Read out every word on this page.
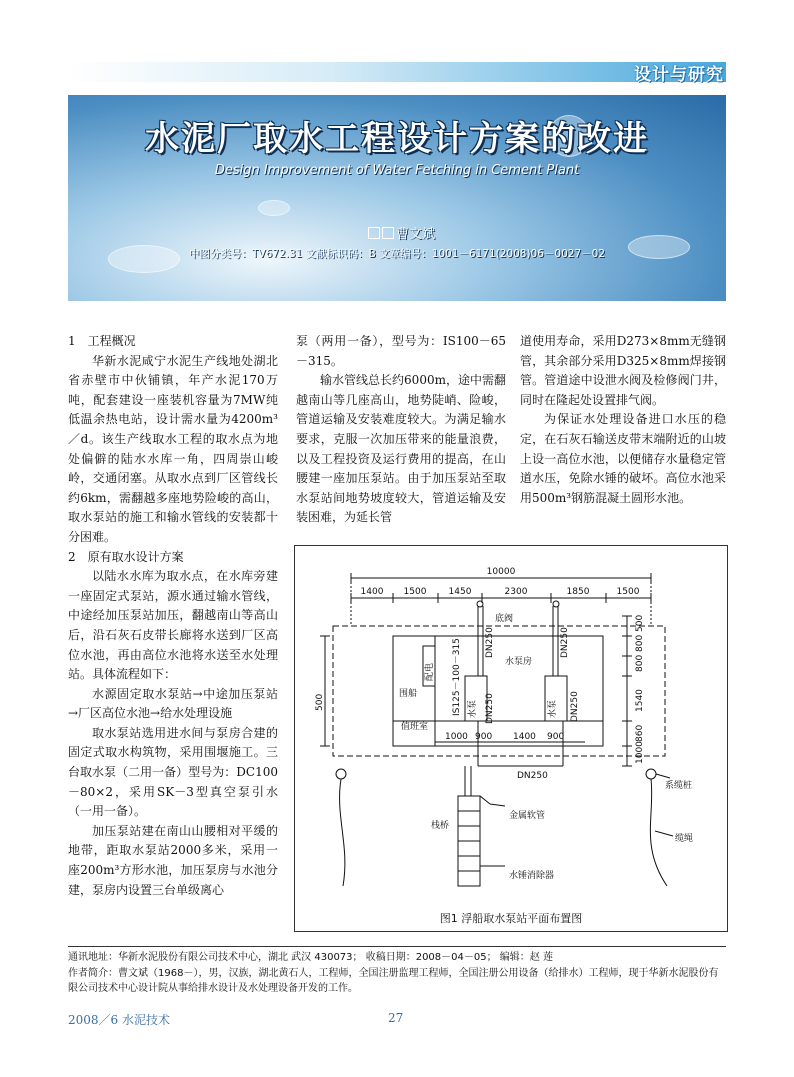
设计与研究
水泥厂取水工程设计方案的改进
Design Improvement of Water Fetching in Cement Plant
曹文斌
中图分类号：TV672.31 文献标识码：B 文章编号：1001－6171(2008)06－0027－02

1　工程概况

华新水泥咸宁水泥生产线地处湖北省赤壁市中伙铺镇，年产水泥170万吨，配套建设一座装机容量为7MW纯低温余热电站，设计需水量为4200m³／d。该生产线取水工程的取水点为地处偏僻的陆水水库一角，四周崇山峻岭，交通闭塞。从取水点到厂区管线长约6km，需翻越多座地势险峻的高山，取水泵站的施工和输水管线的安装都十分困难。

2　原有取水设计方案

以陆水水库为取水点，在水库旁建一座固定式泵站，源水通过输水管线，中途经加压泵站加压，翻越南山等高山后，沿石灰石皮带长廊将水送到厂区高位水池，再由高位水池将水送至水处理站。具体流程如下：

水源固定取水泵站→中途加压泵站→厂区高位水池→给水处理设施

取水泵站选用进水间与泵房合建的固定式取水构筑物，采用围堰施工。三台取水泵（二用一备）型号为：DC100－80×2，采用SK－3型真空泵引水（一用一备）。

加压泵站建在南山山腰相对平缓的地带，距取水泵站2000多米，采用一座200m³方形水池，加压泵房与水池分建，泵房内设置三台单级离心

泵（两用一备），型号为：IS100－65－315。

输水管线总长约6000m，途中需翻越南山等几座高山，地势陡峭、险峻，管道运输及安装难度较大。为满足输水要求，克服一次加压带来的能量浪费，以及工程投资及运行费用的提高，在山腰建一座加压泵站。由于加压泵站至取水泵站间地势坡度较大，管道运输及安装困难，为延长管

道使用寿命，采用D273×8mm无缝钢管，其余部分采用D325×8mm焊接钢管。管道途中设泄水阀及检修阀门井，同时在隆起处设置排气阀。

为保证水处理设备进口水压的稳定，在石灰石输送皮带末端附近的山坡上设一高位水池，以便储存水量稳定管道水压，免除水锤的破坏。高位水池采用500m³钢筋混凝土圆形水池。

10000
1400 1500 1450	2300	1850	1500
底阀
水泵房
围船
值班室
1000 900 1400 900
DN250
金属软管
栈桥
水锤消除器
系缆桩
缆绳
IS125－100－315 水泵	水泵
配电
DN250	DN250
DN250	DN250
500
500
800
800
1540
860
1000
图1 浮船取水泵站平面布置图

通讯地址：华新水泥股份有限公司技术中心，湖北 武汉 430073； 收稿日期：2008－04－05； 编辑：赵 莲

作者简介：曹文斌（1968－），男，汉族，湖北黄石人，工程师，全国注册监理工程师，全国注册公用设备（给排水）工程师，现于华新水泥股份有限公司技术中心设计院从事给排水设计及水处理设备开发的工作。

2008／6 水泥技术	27
